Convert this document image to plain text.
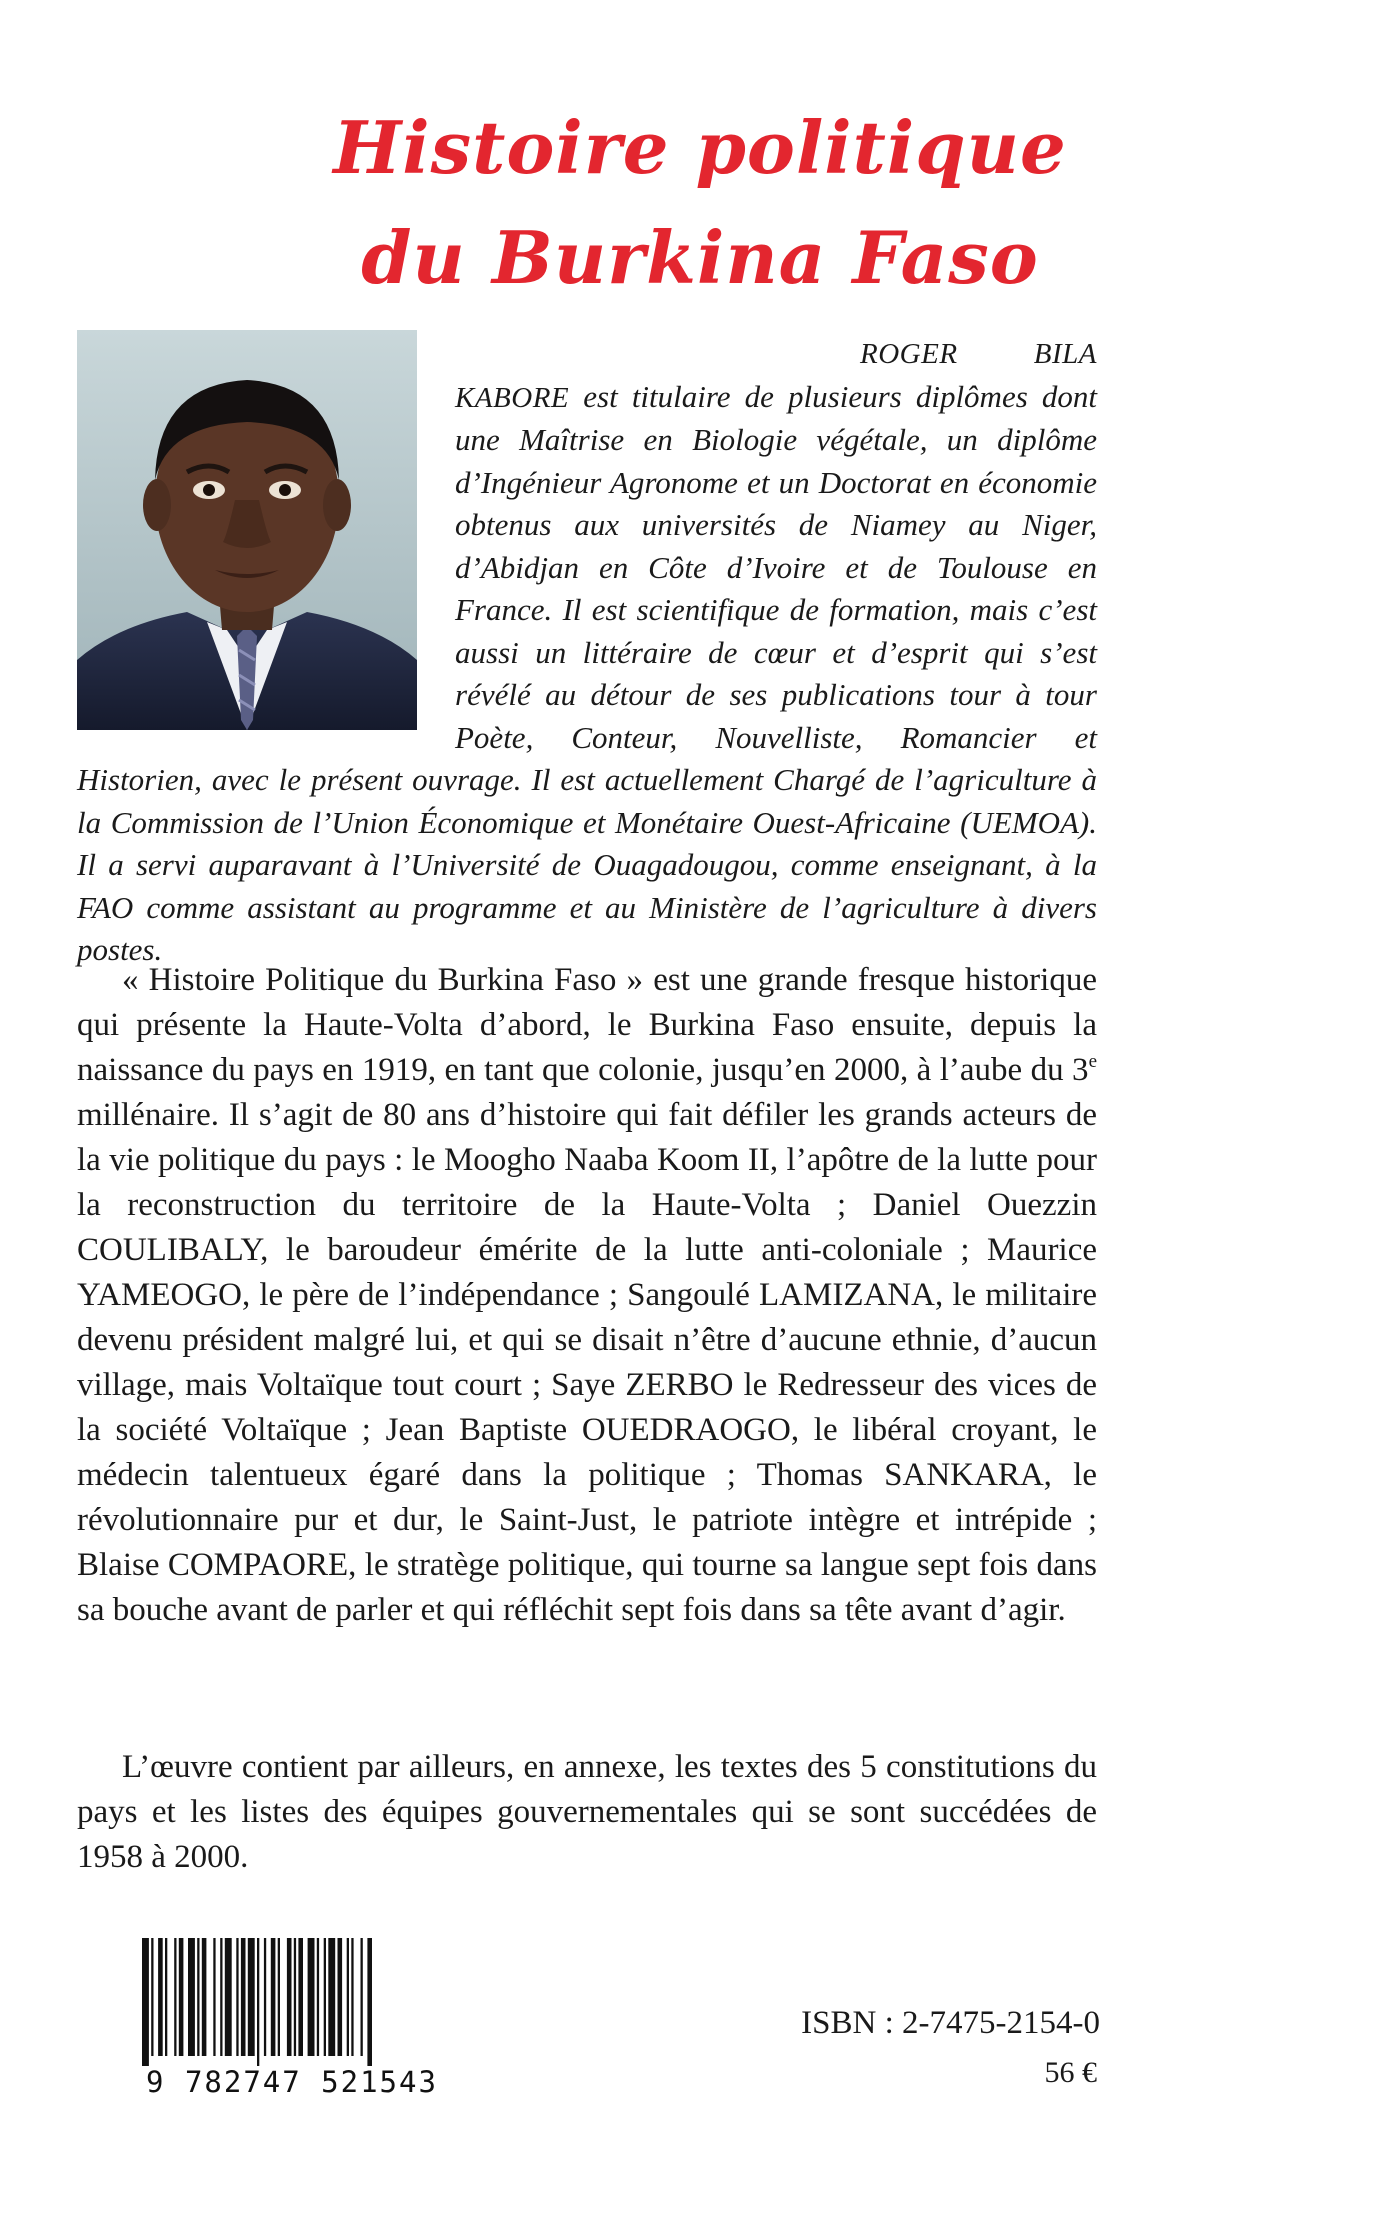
Histoire politique
du Burkina Faso

ROGER BILA KABORE est titulaire de plusieurs diplômes dont une Maîtrise en Biologie végétale, un diplôme d’Ingénieur Agronome et un Doctorat en économie obtenus aux universités de Niamey au Niger, d’Abidjan en Côte d’Ivoire et de Toulouse en France. Il est scientifique de formation, mais c’est aussi un littéraire de cœur et d’esprit qui s’est révélé au détour de ses publications tour à tour Poète, Conteur, Nouvelliste, Romancier et Historien, avec le présent ouvrage. Il est actuellement Chargé de l’agriculture à la Commission de l’Union Économique et Monétaire Ouest-Africaine (UEMOA). Il a servi auparavant à l’Université de Ouagadougou, comme enseignant, à la FAO comme assistant au programme et au Ministère de l’agriculture à divers postes.

« Histoire Politique du Burkina Faso » est une grande fresque historique qui présente la Haute-Volta d’abord, le Burkina Faso ensuite, depuis la naissance du pays en 1919, en tant que colonie, jusqu’en 2000, à l’aube du 3e millénaire. Il s’agit de 80 ans d’histoire qui fait défiler les grands acteurs de la vie politique du pays : le Moogho Naaba Koom II, l’apôtre de la lutte pour la reconstruction du territoire de la Haute-Volta ; Daniel Ouezzin COULIBALY, le baroudeur émérite de la lutte anti-coloniale ; Maurice YAMEOGO, le père de l’indépendance ; Sangoulé LAMIZANA, le militaire devenu président malgré lui, et qui se disait n’être d’aucune ethnie, d’aucun village, mais Voltaïque tout court ; Saye ZERBO le Redresseur des vices de la société Voltaïque ; Jean Baptiste OUEDRAOGO, le libéral croyant, le médecin talentueux égaré dans la politique ; Thomas SANKARA, le révolutionnaire pur et dur, le Saint-Just, le patriote intègre et intrépide ; Blaise COMPAORE, le stratège politique, qui tourne sa langue sept fois dans sa bouche avant de parler et qui réfléchit sept fois dans sa tête avant d’agir.

L’œuvre contient par ailleurs, en annexe, les textes des 5 constitutions du pays et les listes des équipes gouvernementales qui se sont succédées de 1958 à 2000.

9 782747 521543

ISBN : 2-7475-2154-0

56 €
